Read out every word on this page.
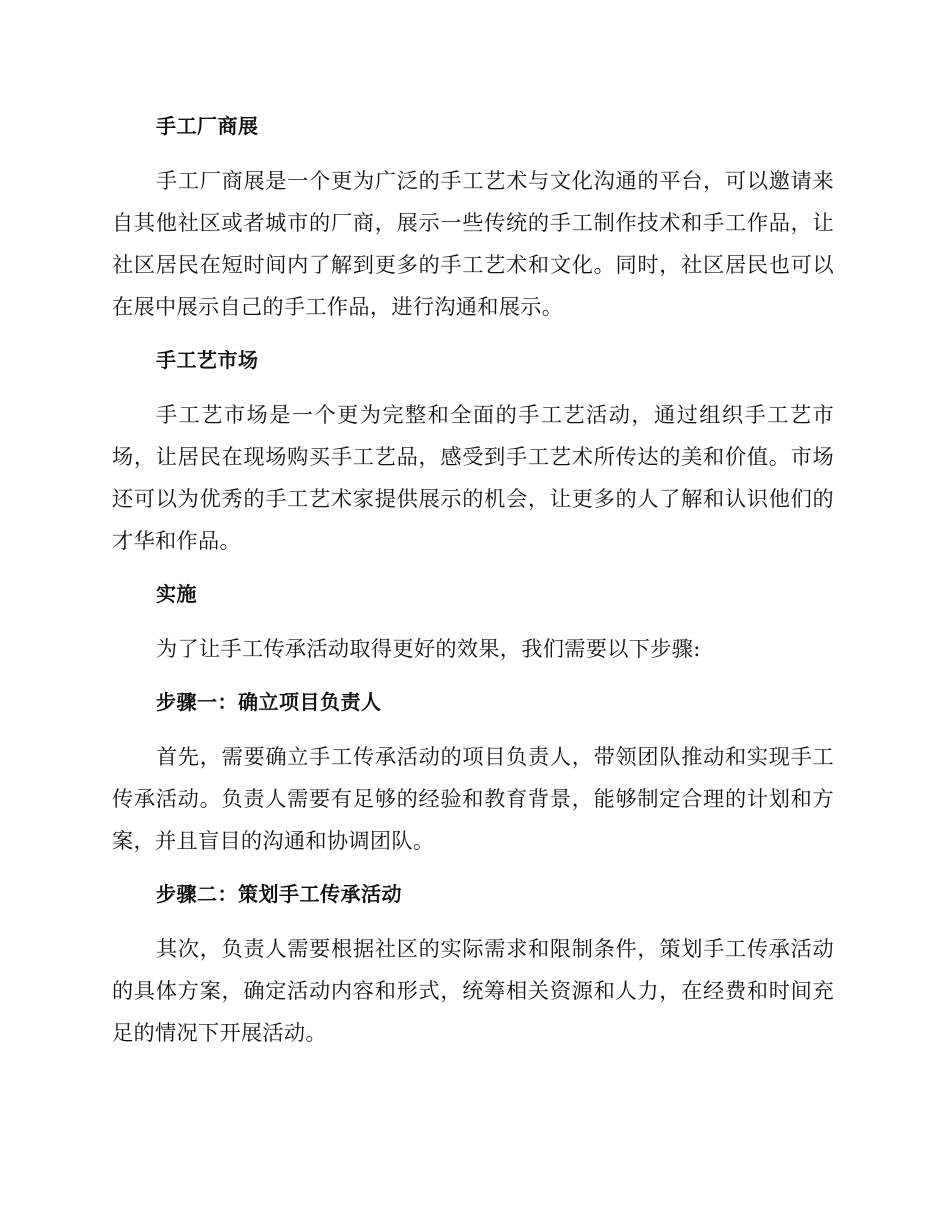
手工厂商展

手工厂商展是一个更为广泛的手工艺术与文化沟通的平台，可以邀请来自其他社区或者城市的厂商，展示一些传统的手工制作技术和手工作品，让社区居民在短时间内了解到更多的手工艺术和文化。同时，社区居民也可以在展中展示自己的手工作品，进行沟通和展示。

手工艺市场

手工艺市场是一个更为完整和全面的手工艺活动，通过组织手工艺市场，让居民在现场购买手工艺品，感受到手工艺术所传达的美和价值。市场还可以为优秀的手工艺术家提供展示的机会，让更多的人了解和认识他们的才华和作品。

实施

为了让手工传承活动取得更好的效果，我们需要以下步骤:

步骤一：确立项目负责人

首先，需要确立手工传承活动的项目负责人，带领团队推动和实现手工传承活动。负责人需要有足够的经验和教育背景，能够制定合理的计划和方案，并且盲目的沟通和协调团队。

步骤二：策划手工传承活动

其次，负责人需要根据社区的实际需求和限制条件，策划手工传承活动的具体方案，确定活动内容和形式，统筹相关资源和人力，在经费和时间充足的情况下开展活动。
